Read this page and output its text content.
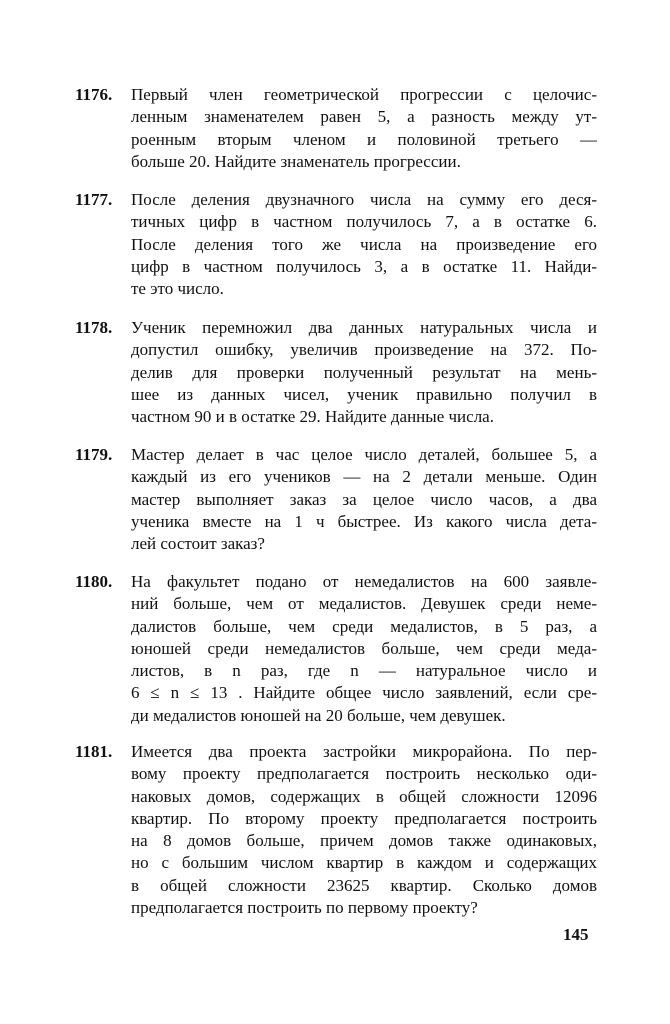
1176. Первый член геометрической прогрессии с целочис-
ленным знаменателем равен 5, а разность между ут-
роенным вторым членом и половиной третьего —
больше 20. Найдите знаменатель прогрессии.
1177. После деления двузначного числа на сумму его деся-
тичных цифр в частном получилось 7, а в остатке 6.
После деления того же числа на произведение его
цифр в частном получилось 3, а в остатке 11. Найди-
те это число.
1178. Ученик перемножил два данных натуральных числа и
допустил ошибку, увеличив произведение на 372. По-
делив для проверки полученный результат на мень-
шее из данных чисел, ученик правильно получил в
частном 90 и в остатке 29. Найдите данные числа.
1179. Мастер делает в час целое число деталей, большее 5, а
каждый из его учеников — на 2 детали меньше. Один
мастер выполняет заказ за целое число часов, а два
ученика вместе на 1 ч быстрее. Из какого числа дета-
лей состоит заказ?
1180. На факультет подано от немедалистов на 600 заявле-
ний больше, чем от медалистов. Девушек среди неме-
далистов больше, чем среди медалистов, в 5 раз, а
юношей среди немедалистов больше, чем среди меда-
листов, в n раз, где n — натуральное число и
6 ≤ n ≤ 13 . Найдите общее число заявлений, если сре-
ди медалистов юношей на 20 больше, чем девушек.
1181. Имеется два проекта застройки микрорайона. По пер-
вому проекту предполагается построить несколько оди-
наковых домов, содержащих в общей сложности 12096
квартир. По второму проекту предполагается построить
на 8 домов больше, причем домов также одинаковых,
но с большим числом квартир в каждом и содержащих
в общей сложности 23625 квартир. Сколько домов
предполагается построить по первому проекту?
145
